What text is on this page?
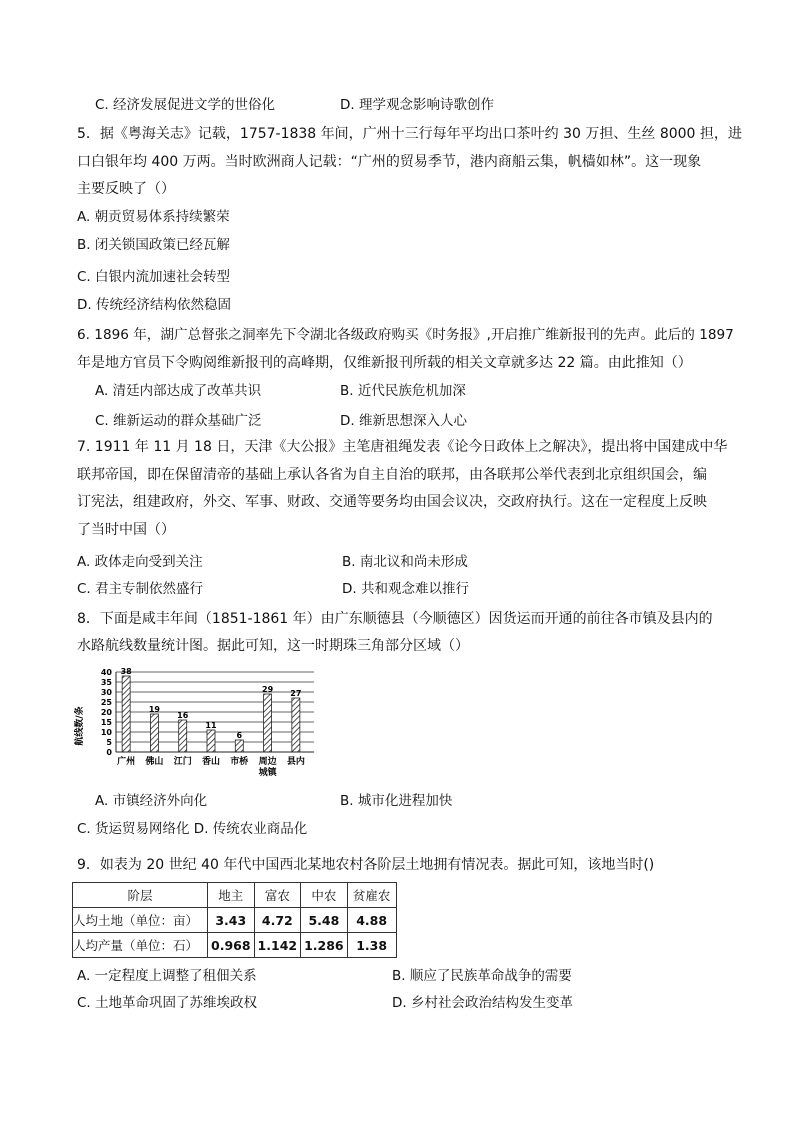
C. 经济发展促进文学的世俗化	D. 理学观念影响诗歌创作
5．据《粤海关志》记载，1757-1838 年间，广州十三行每年平均出口茶叶约 30 万担、生丝 8000 担，进
口白银年均 400 万两。当时欧洲商人记载：“广州的贸易季节，港内商船云集，帆樯如林”。这一现象
主要反映了（）
A. 朝贡贸易体系持续繁荣
B. 闭关锁国政策已经瓦解
C. 白银内流加速社会转型
D. 传统经济结构依然稳固
6. 1896 年，湖广总督张之洞率先下令湖北各级政府购买《时务报》,开启推广维新报刊的先声。此后的 1897
年是地方官员下令购阅维新报刊的高峰期，仅维新报刊所载的相关文章就多达 22 篇。由此推知（）
A. 清廷内部达成了改革共识	B. 近代民族危机加深
C. 维新运动的群众基础广泛	D. 维新思想深入人心
7. 1911 年 11 月 18 日，天津《大公报》主笔唐祖绳发表《论今日政体上之解决》，提出将中国建成中华
联邦帝国，即在保留清帝的基础上承认各省为自主自治的联邦，由各联邦公举代表到北京组织国会，编
订宪法，组建政府，外交、军事、财政、交通等要务均由国会议决，交政府执行。这在一定程度上反映
了当时中国（）
A. 政体走向受到关注	B. 南北议和尚未形成
C. 君主专制依然盛行	D. 共和观念难以推行
8．下面是咸丰年间（1851-1861 年）由广东顺德县（今顺德区）因货运而开通的前往各市镇及县内的
水路航线数量统计图。据此可知，这一时期珠三角部分区域（）
0
5
10
15
20
25
30
35
40 38
19
16
11
6
29 27
广州 佛山 江门 香山 市桥 周边
城镇
县内
航线数/条
A. 市镇经济外向化	B. 城市化进程加快
C. 货运贸易网络化 D. 传统农业商品化
9．如表为 20 世纪 40 年代中国西北某地农村各阶层土地拥有情况表。据此可知，该地当时()
阶层	地主	富农	中农	贫雇农
人均土地（单位：亩）	3.43	4.72	5.48	4.88
人均产量（单位：石）	0.968	1.142	1.286	1.38
A. 一定程度上调整了租佃关系	B. 顺应了民族革命战争的需要
C. 土地革命巩固了苏维埃政权	D. 乡村社会政治结构发生变革
